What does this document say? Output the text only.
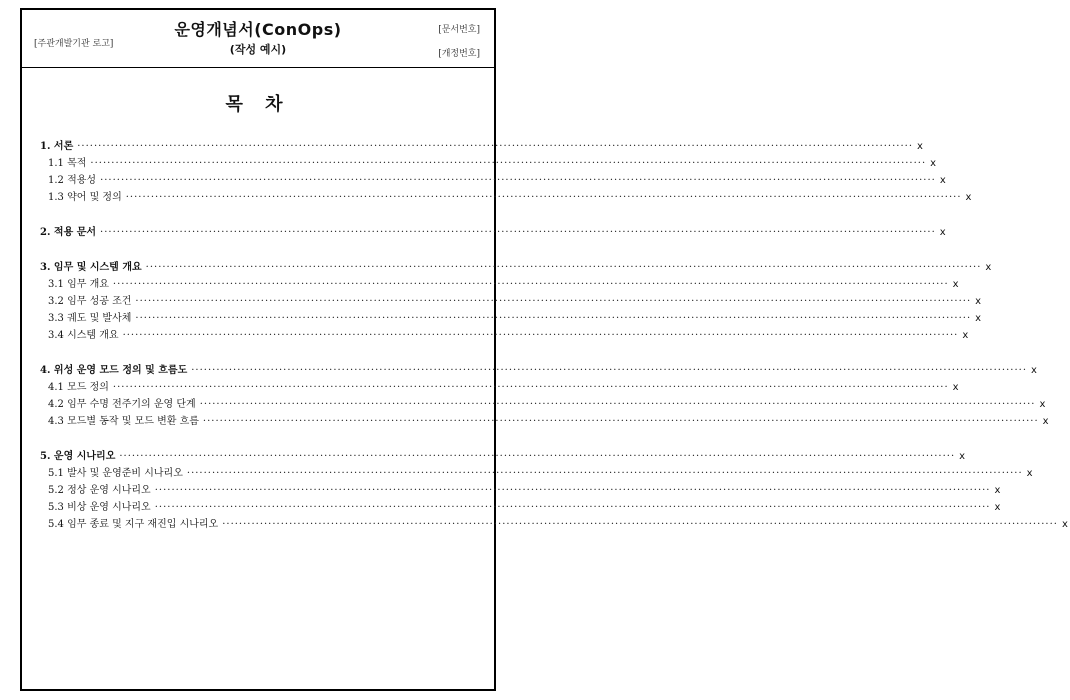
[주관개발기관 로고]
운영개념서(ConOps)
(작성 예시)
[문서번호]
[개정번호]
목 차
1. 서론 ········································································································································································································ x
1.1 목적 ········································································································································································································ x
1.2 적용성 ········································································································································································································ x
1.3 약어 및 정의 ········································································································································································································ x
2. 적용 문서 ········································································································································································································ x
3. 임무 및 시스템 개요 ········································································································································································································ x
3.1 임무 개요 ········································································································································································································ x
3.2 임무 성공 조건 ········································································································································································································ x
3.3 궤도 및 발사체 ········································································································································································································ x
3.4 시스템 개요 ········································································································································································································ x
4. 위성 운영 모드 정의 및 흐름도 ········································································································································································································ x
4.1 모드 정의 ········································································································································································································ x
4.2 임무 수명 전주기의 운영 단계 ········································································································································································································ x
4.3 모드별 동작 및 모드 변환 흐름 ········································································································································································································ x
5. 운영 시나리오 ········································································································································································································ x
5.1 발사 및 운영준비 시나리오 ········································································································································································································ x
5.2 정상 운영 시나리오 ········································································································································································································ x
5.3 비상 운영 시나리오 ········································································································································································································ x
5.4 임무 종료 및 지구 재진입 시나리오 ········································································································································································································ x
